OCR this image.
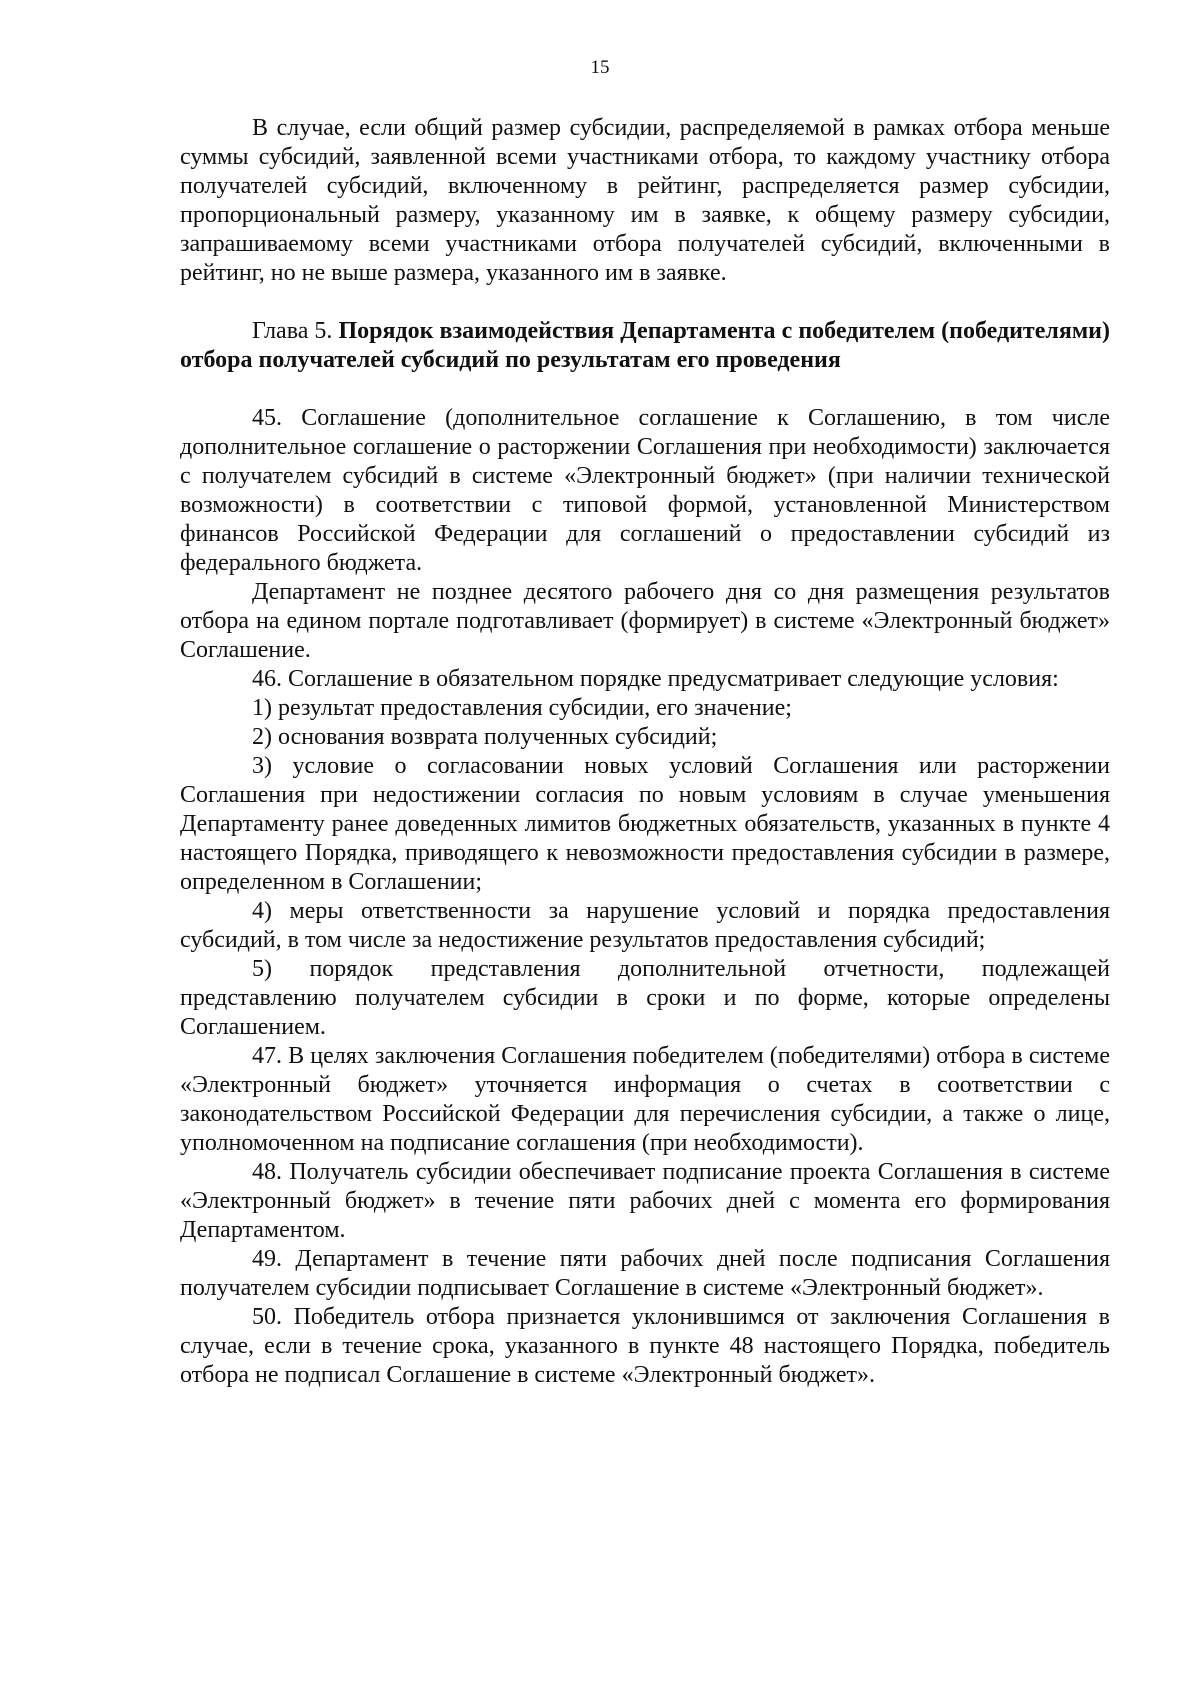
15

В случае, если общий размер субсидии, распределяемой в рамках отбора меньше суммы субсидий, заявленной всеми участниками отбора, то каждому участнику отбора получателей субсидий, включенному в рейтинг, распределяется размер субсидии, пропорциональный размеру, указанному им в заявке, к общему размеру субсидии, запрашиваемому всеми участниками отбора получателей субсидий, включенными в рейтинг, но не выше размера, указанного им в заявке.

Глава 5. Порядок взаимодействия Департамента с победителем (победителями) отбора получателей субсидий по результатам его проведения

45. Соглашение (дополнительное соглашение к Соглашению, в том числе дополнительное соглашение о расторжении Соглашения при необходимости) заключается с получателем субсидий в системе «Электронный бюджет» (при наличии технической возможности) в соответствии с типовой формой, установленной Министерством финансов Российской Федерации для соглашений о предоставлении субсидий из федерального бюджета.

Департамент не позднее десятого рабочего дня со дня размещения результатов отбора на едином портале подготавливает (формирует) в системе «Электронный бюджет» Соглашение.

46. Соглашение в обязательном порядке предусматривает следующие условия:

1) результат предоставления субсидии, его значение;

2) основания возврата полученных субсидий;

3) условие о согласовании новых условий Соглашения или расторжении Соглашения при недостижении согласия по новым условиям в случае уменьшения Департаменту ранее доведенных лимитов бюджетных обязательств, указанных в пункте 4 настоящего Порядка, приводящего к невозможности предоставления субсидии в размере, определенном в Соглашении;

4) меры ответственности за нарушение условий и порядка предоставления субсидий, в том числе за недостижение результатов предоставления субсидий;

5) порядок представления дополнительной отчетности, подлежащей представлению получателем субсидии в сроки и по форме, которые определены Соглашением.

47. В целях заключения Соглашения победителем (победителями) отбора в системе «Электронный бюджет» уточняется информация о счетах в соответствии с законодательством Российской Федерации для перечисления субсидии, а также о лице, уполномоченном на подписание соглашения (при необходимости).

48. Получатель субсидии обеспечивает подписание проекта Соглашения в системе «Электронный бюджет» в течение пяти рабочих дней с момента его формирования Департаментом.

49. Департамент в течение пяти рабочих дней после подписания Соглашения получателем субсидии подписывает Соглашение в системе «Электронный бюджет».

50. Победитель отбора признается уклонившимся от заключения Соглашения в случае, если в течение срока, указанного в пункте 48 настоящего Порядка, победитель отбора не подписал Соглашение в системе «Электронный бюджет».
